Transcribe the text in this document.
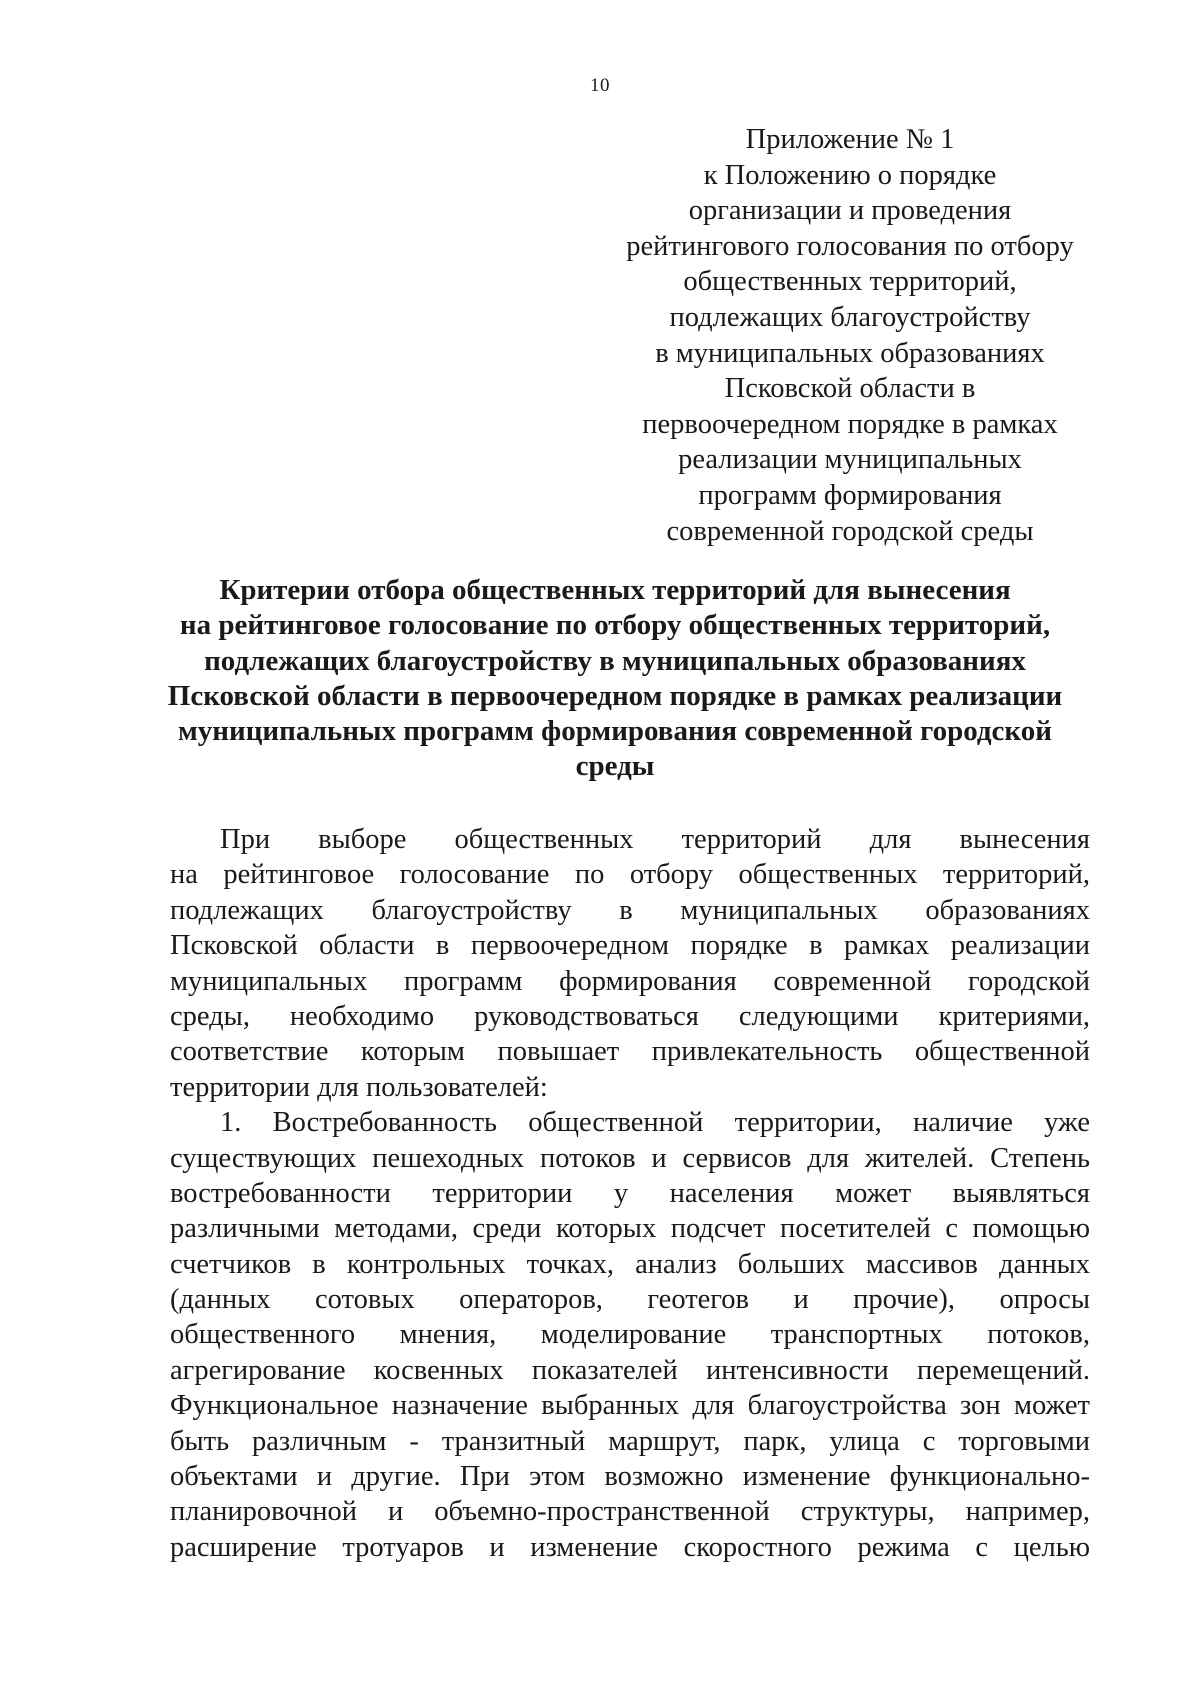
10
Приложение № 1
к Положению о порядке
организации и проведения
рейтингового голосования по отбору
общественных территорий,
подлежащих благоустройству
в муниципальных образованиях
Псковской области в
первоочередном порядке в рамках
реализации муниципальных
программ формирования
современной городской среды
Критерии отбора общественных территорий для вынесения
на рейтинговое голосование по отбору общественных территорий,
подлежащих благоустройству в муниципальных образованиях
Псковской области в первоочередном порядке в рамках реализации
муниципальных программ формирования современной городской
среды
При выборе общественных территорий для вынесения
на рейтинговое голосование по отбору общественных территорий,
подлежащих благоустройству в муниципальных образованиях
Псковской области в первоочередном порядке в рамках реализации
муниципальных программ формирования современной городской
среды, необходимо руководствоваться следующими критериями,
соответствие которым повышает привлекательность общественной
территории для пользователей:
1. Востребованность общественной территории, наличие уже
существующих пешеходных потоков и сервисов для жителей. Степень
востребованности территории у населения может выявляться
различными методами, среди которых подсчет посетителей с помощью
счетчиков в контрольных точках, анализ больших массивов данных
(данных сотовых операторов, геотегов и прочие), опросы
общественного мнения, моделирование транспортных потоков,
агрегирование косвенных показателей интенсивности перемещений.
Функциональное назначение выбранных для благоустройства зон может
быть различным - транзитный маршрут, парк, улица с торговыми
объектами и другие. При этом возможно изменение функционально-
планировочной и объемно-пространственной структуры, например,
расширение тротуаров и изменение скоростного режима с целью
